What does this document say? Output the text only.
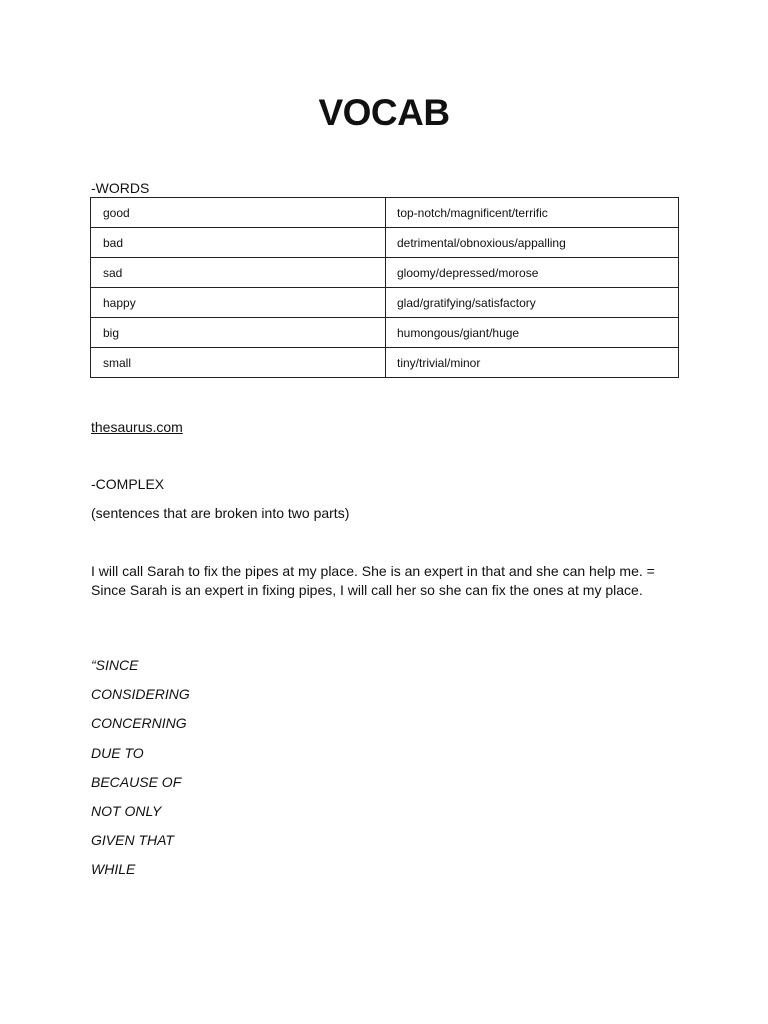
VOCAB

-WORDS

good	top-notch/magnificent/terrific
bad	detrimental/obnoxious/appalling
sad	gloomy/depressed/morose
happy	glad/gratifying/satisfactory
big	humongous/giant/huge
small	tiny/trivial/minor
thesaurus.com

-COMPLEX

(sentences that are broken into two parts)

I will call Sarah to fix the pipes at my place. She is an expert in that and she can help me. = Since Sarah is an expert in fixing pipes, I will call her so she can fix the ones at my place.

“SINCE
CONSIDERING
CONCERNING
DUE TO
BECAUSE OF
NOT ONLY
GIVEN THAT
WHILE
